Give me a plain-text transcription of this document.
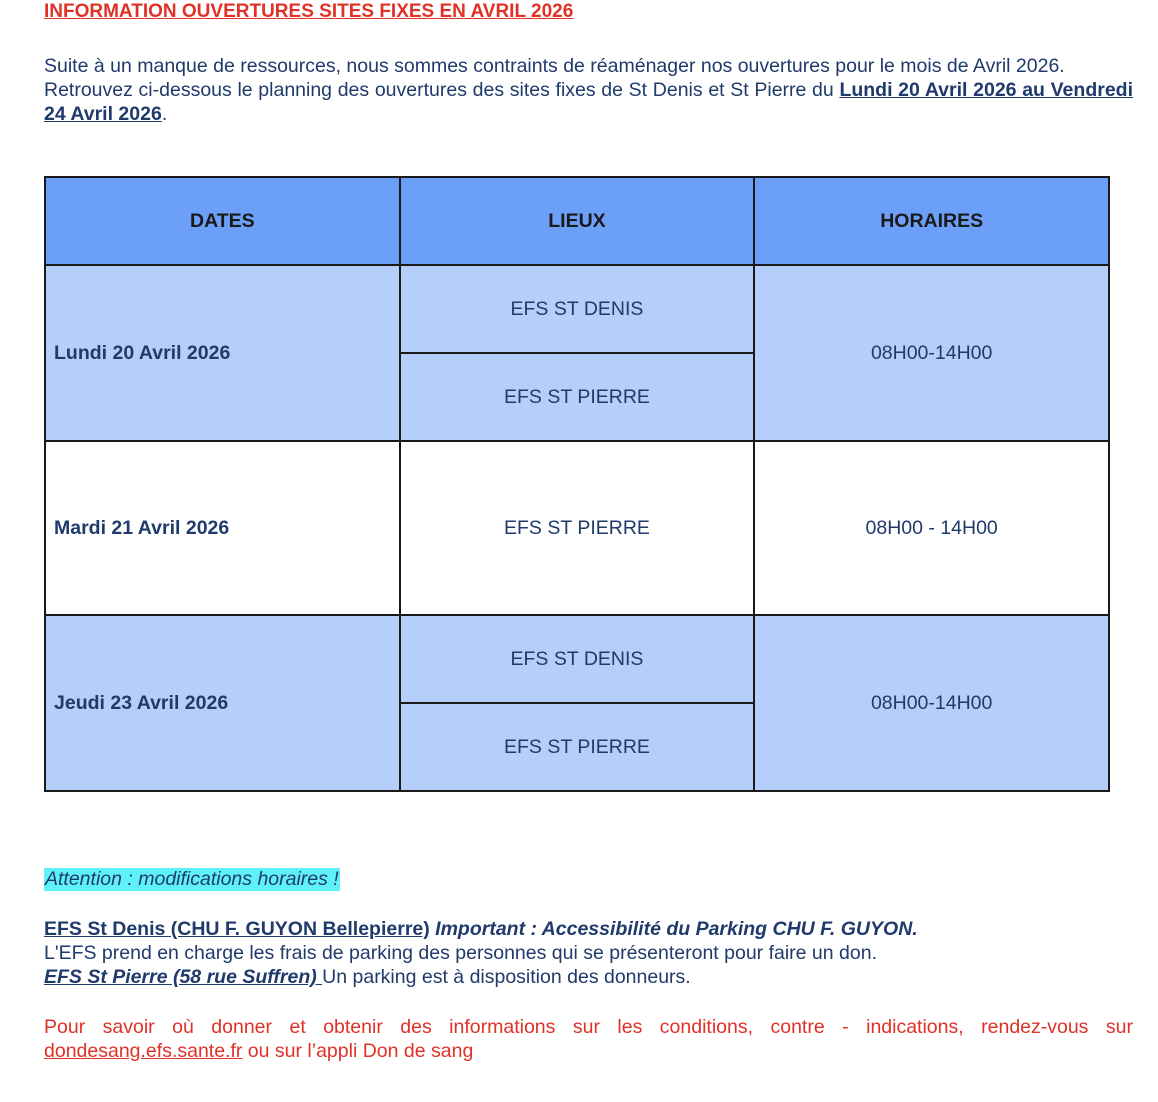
INFORMATION OUVERTURES SITES FIXES EN AVRIL 2026

Suite à un manque de ressources, nous sommes contraints de réaménager nos ouvertures pour le mois de Avril 2026.

Retrouvez ci-dessous le planning des ouvertures des sites fixes de St Denis et St Pierre du Lundi 20 Avril 2026 au Vendredi 24 Avril 2026.

DATES	LIEUX	HORAIRES
Lundi 20 Avril 2026	EFS ST DENIS	08H00-14H00
	EFS ST PIERRE	
Mardi 21 Avril 2026	EFS ST PIERRE	08H00 - 14H00
Jeudi 23 Avril 2026	EFS ST DENIS	08H00-14H00
	EFS ST PIERRE	
Attention : modifications horaires !

EFS St Denis (CHU F. GUYON Bellepierre) Important : Accessibilité du Parking CHU F. GUYON.

L'EFS prend en charge les frais de parking des personnes qui se présenteront pour faire un don.

EFS St Pierre (58 rue Suffren) Un parking est à disposition des donneurs.

Pour savoir où donner et obtenir des informations sur les conditions, contre - indications, rendez-vous sur dondesang.efs.sante.fr ou sur l’appli Don de sang
